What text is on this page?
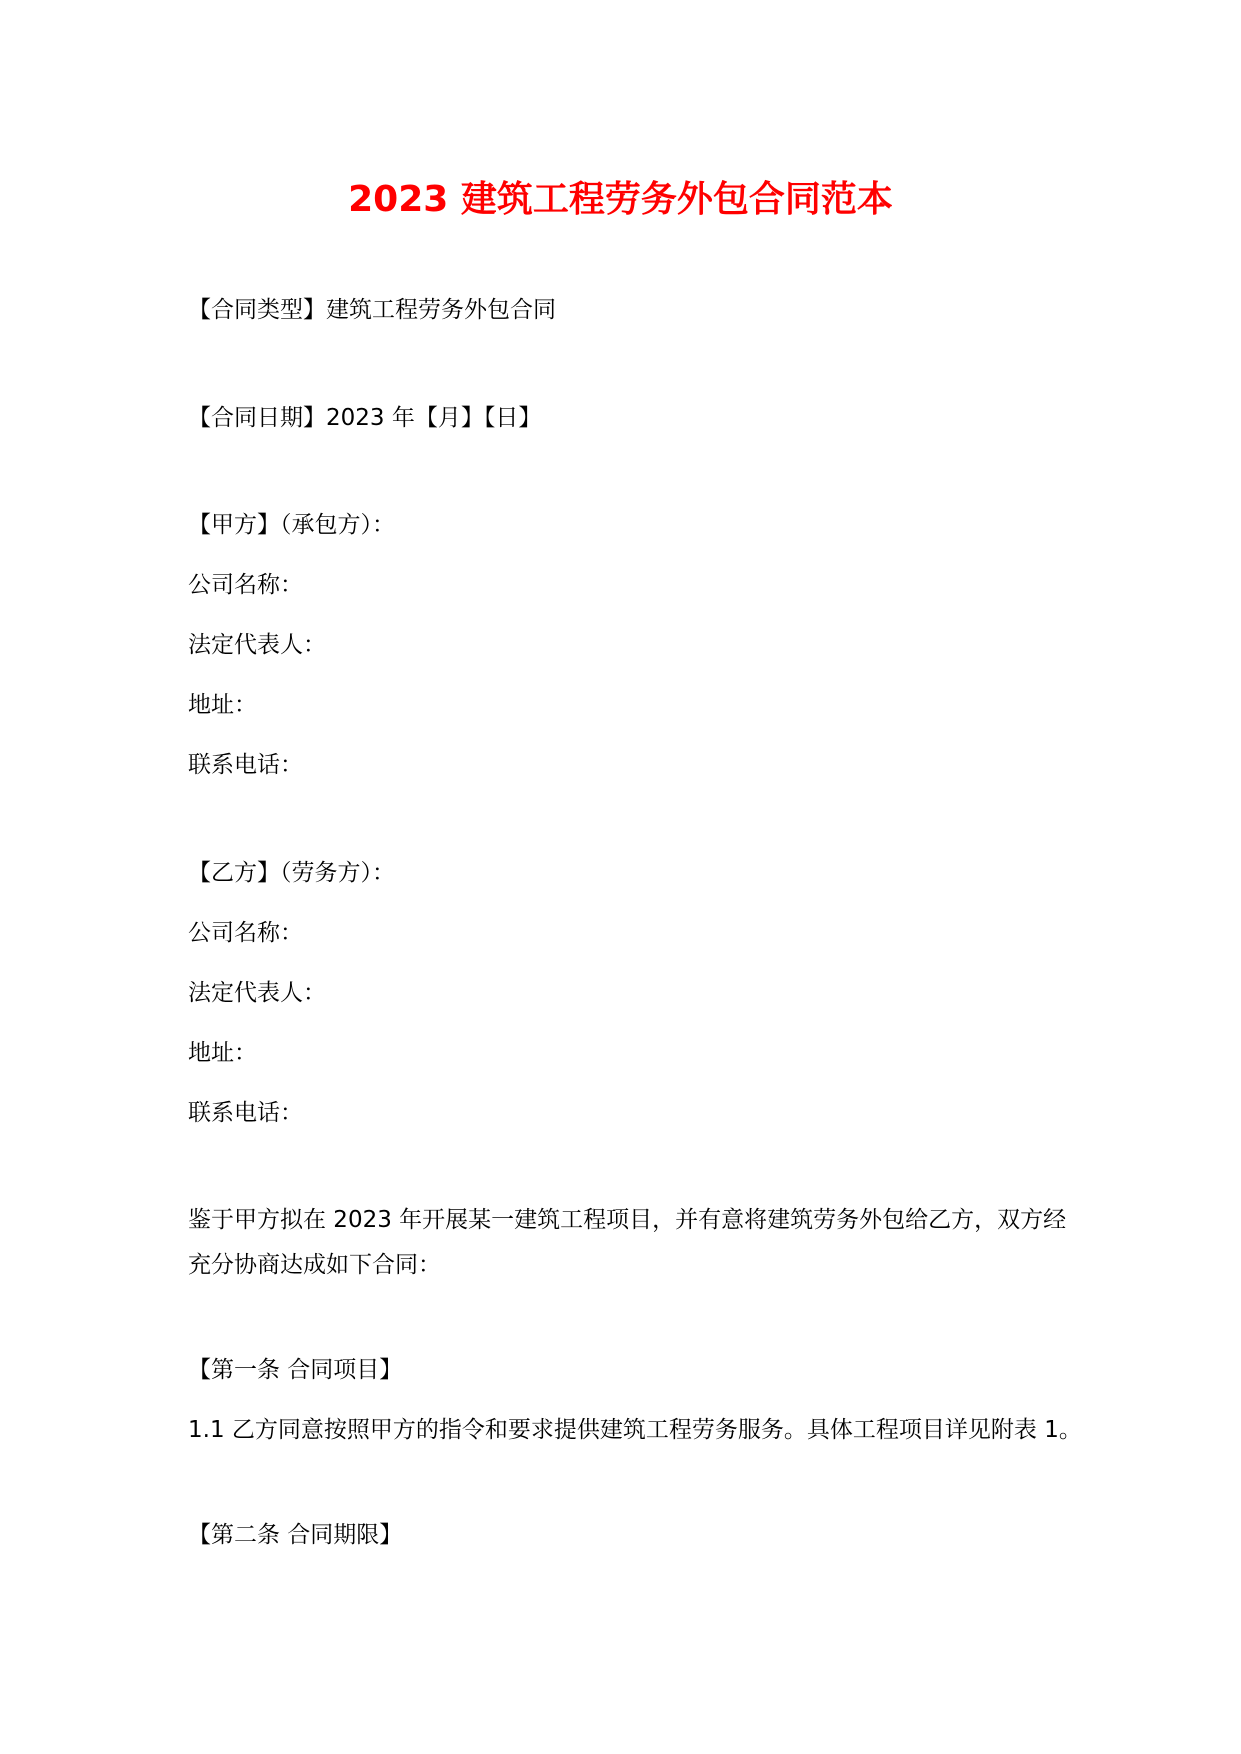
2023 建筑工程劳务外包合同范本
【合同类型】建筑工程劳务外包合同
【合同日期】2023 年【月】【日】
【甲方】（承包方）：
公司名称：
法定代表人：
地址：
联系电话：
【乙方】（劳务方）：
公司名称：
法定代表人：
地址：
联系电话：
鉴于甲方拟在 2023 年开展某一建筑工程项目，并有意将建筑劳务外包给乙方，双方经
充分协商达成如下合同：
【第一条 合同项目】
1.1 乙方同意按照甲方的指令和要求提供建筑工程劳务服务。具体工程项目详见附表 1。
【第二条 合同期限】
